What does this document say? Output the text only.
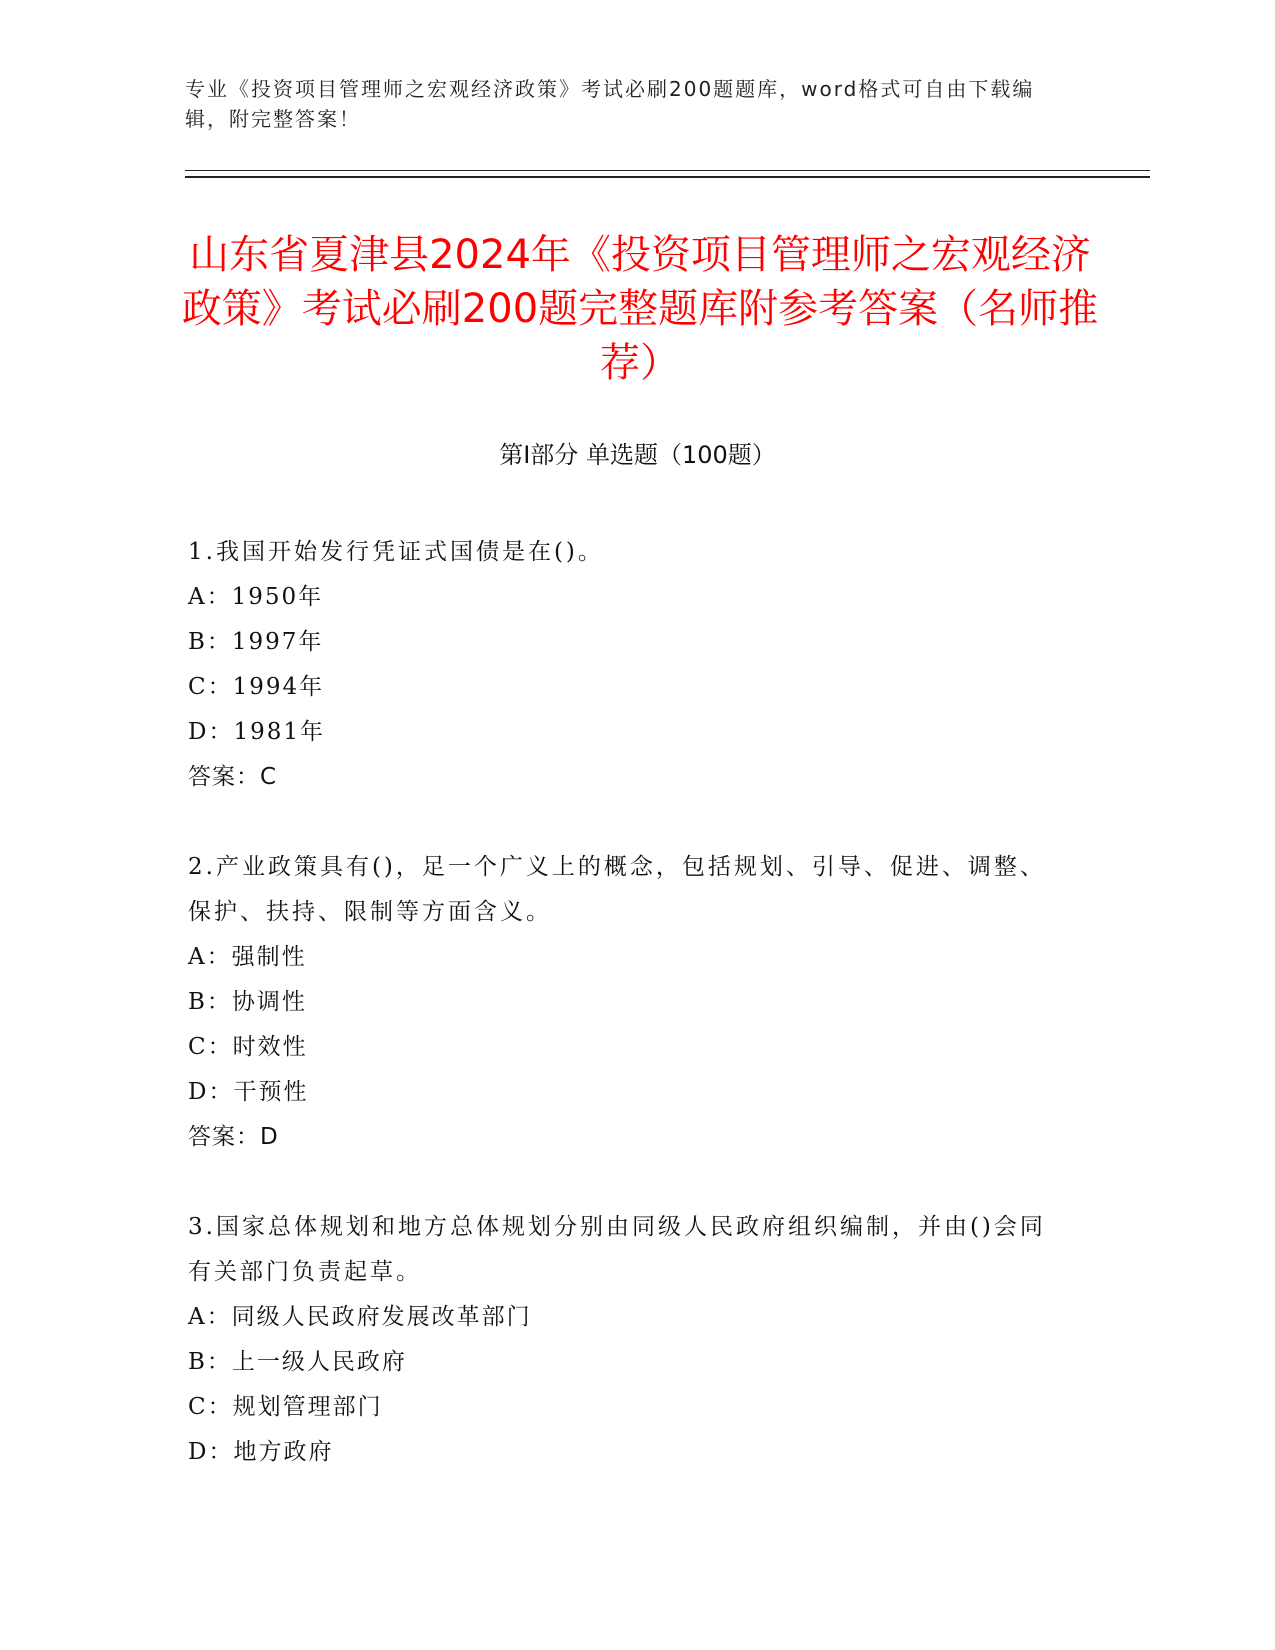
专业《投资项目管理师之宏观经济政策》考试必刷200题题库，word格式可自由下载编辑，附完整答案！
山东省夏津县2024年《投资项目管理师之宏观经济政策》考试必刷200题完整题库附参考答案（名师推荐）
第I部分 单选题（100题）
1.我国开始发行凭证式国债是在()。
A：1950年
B：1997年
C：1994年
D：1981年
答案：C
2.产业政策具有()，足一个广义上的概念，包括规划、引导、促进、调整、保护、扶持、限制等方面含义。
A：强制性
B：协调性
C：时效性
D：干预性
答案：D
3.国家总体规划和地方总体规划分别由同级人民政府组织编制，并由()会同有关部门负责起草。
A：同级人民政府发展改革部门
B：上一级人民政府
C：规划管理部门
D：地方政府
